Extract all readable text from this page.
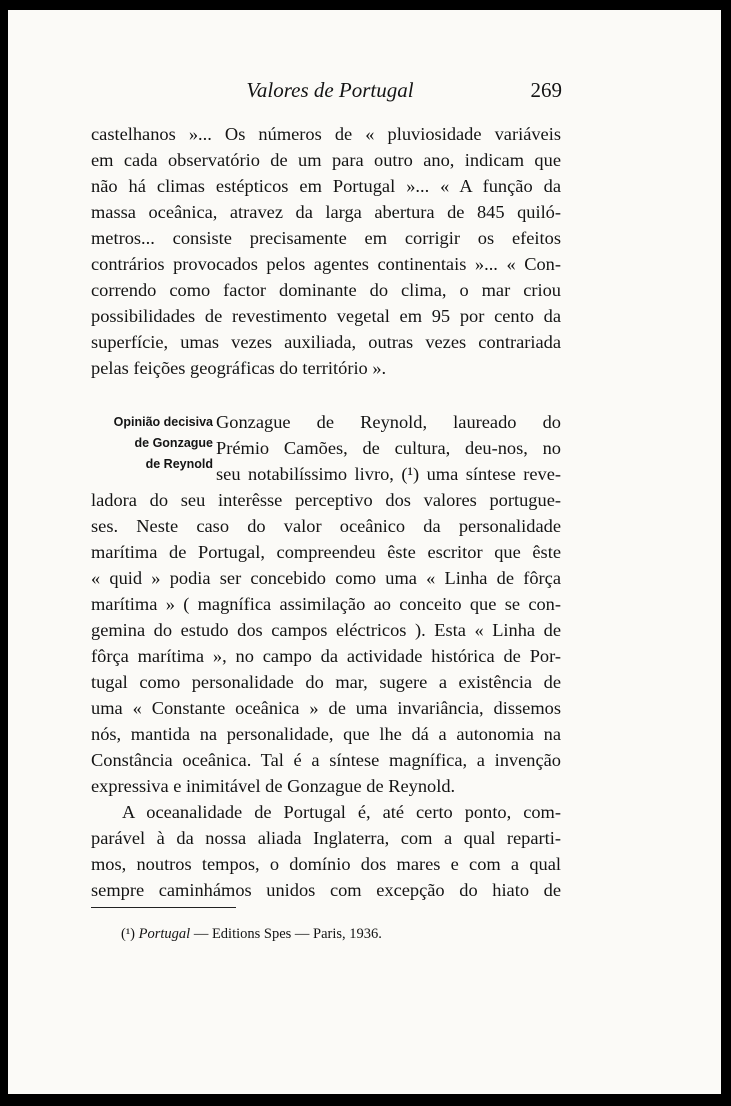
Valores de Portugal	269
castelhanos »... Os números de « pluviosidade variáveis
em cada observatório de um para outro ano, indicam que
não há climas estépticos em Portugal »... « A função da
massa oceânica, atravez da larga abertura de 845 quiló-
metros... consiste precisamente em corrigir os efeitos
contrários provocados pelos agentes continentais »... « Con-
correndo como factor dominante do clima, o mar criou
possibilidades de revestimento vegetal em 95 por cento da
superfície, umas vezes auxiliada, outras vezes contrariada
pelas feições geográficas do território ».
Opinião decisiva
de Gonzague
de Reynold
Gonzague de Reynold, laureado do
Prémio Camões, de cultura, deu-nos, no
seu notabilíssimo livro, (¹) uma síntese reve-
ladora do seu interêsse perceptivo dos valores portugue-
ses. Neste caso do valor oceânico da personalidade
marítima de Portugal, compreendeu êste escritor que êste
« quid » podia ser concebido como uma « Linha de fôrça
marítima » ( magnífica assimilação ao conceito que se con-
gemina do estudo dos campos eléctricos ). Esta « Linha de
fôrça marítima », no campo da actividade histórica de Por-
tugal como personalidade do mar, sugere a existência de
uma « Constante oceânica » de uma invariância, dissemos
nós, mantida na personalidade, que lhe dá a autonomia na
Constância oceânica. Tal é a síntese magnífica, a invenção
expressiva e inimitável de Gonzague de Reynold.
A oceanalidade de Portugal é, até certo ponto, com-
parável à da nossa aliada Inglaterra, com a qual reparti-
mos, noutros tempos, o domínio dos mares e com a qual
sempre caminhámos unidos com excepção do hiato de
(¹) Portugal — Editions Spes — Paris, 1936.
